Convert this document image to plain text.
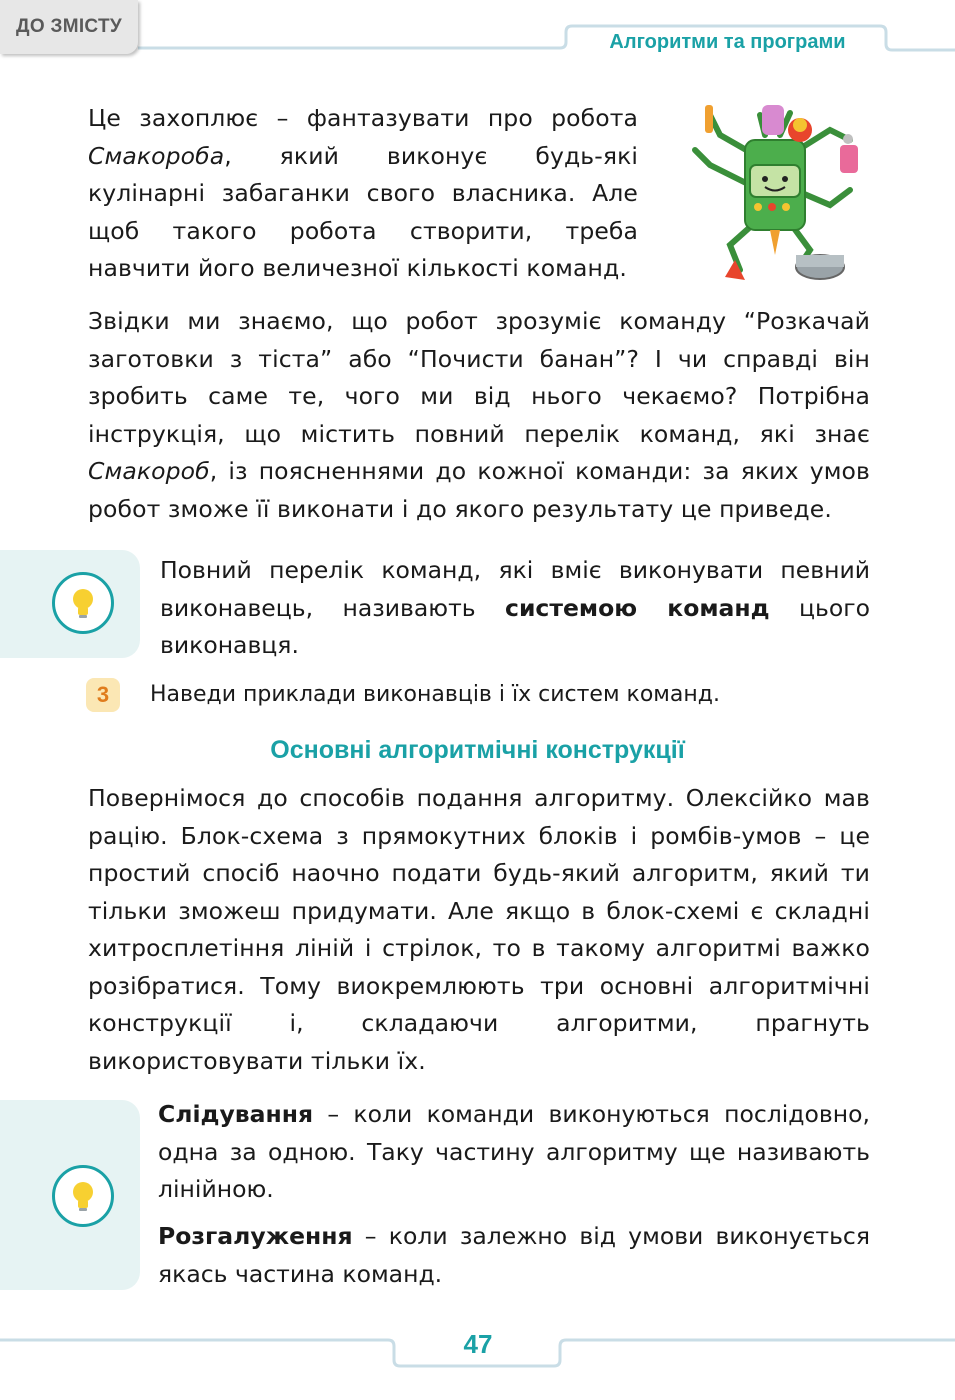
ДО ЗМІСТУ
Алгоритми та програми

Це захоплює – фантазувати про робота Смакороба, який виконує будь-які кулінарні забаганки свого власника. Але щоб такого робота створити, треба навчити його величезної кількості команд.

Звідки ми знаємо, що робот зрозуміє команду “Розкачай заготовки з тіста” або “Почисти банан”? І чи справді він зробить саме те, чого ми від нього чекаємо? Потрібна інструкція, що містить повний перелік команд, які знає Смакороб, із поясненнями до кожної команди: за яких умов робот зможе її виконати і до якого результату це приведе.

Повний перелік команд, які вміє виконувати певний виконавець, називають системою команд цього виконавця.

3	Наведи приклади виконавців і їх систем команд.

Основні алгоритмічні конструкції

Повернімося до способів подання алгоритму. Олексійко мав рацію. Блок-схема з прямокутних блоків і ромбів-умов – це простий спосіб наочно подати будь-який алгоритм, який ти тільки зможеш придумати. Але якщо в блок-схемі є складні хитросплетіння ліній і стрілок, то в такому алгоритмі важко розібратися. Тому виокремлюють три основні алгоритмічні конструкції і, складаючи алгоритми, прагнуть використовувати тільки їх.

Слідування – коли команди виконуються послідовно, одна за одною. Таку частину алгоритму ще називають лінійною.

Розгалуження – коли залежно від умови виконується якась частина команд.

47
